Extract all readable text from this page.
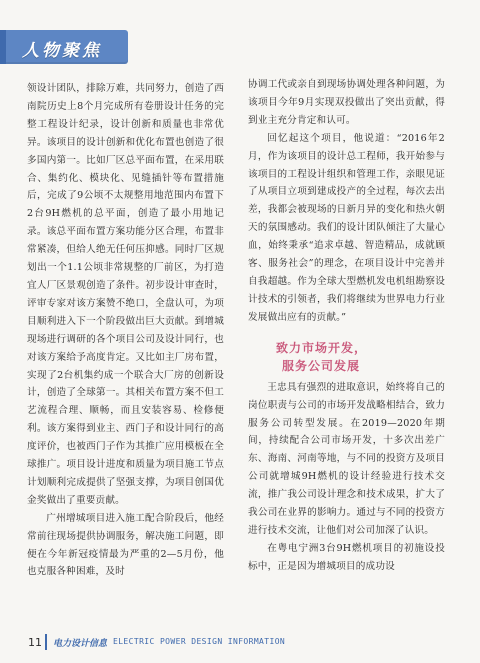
人物聚焦

领设计团队，排除万难，共同努力，创造了西南院历史上8个月完成所有卷册设计任务的完整工程设计纪录，设计创新和质量也非常优异。该项目的设计创新和优化布置也创造了很多国内第一。比如厂区总平面布置，在采用联合、集约化、模块化、见缝插针等布置措施后，完成了9公顷不太规整用地范围内布置下2台9H燃机的总平面，创造了最小用地记录。该总平面布置方案功能分区合理，布置非常紧凑，但给人绝无任何压抑感。同时厂区规划出一个1.1公顷非常规整的厂前区，为打造宜人厂区景观创造了条件。初步设计审查时，评审专家对该方案赞不绝口，全盘认可，为项目顺利进入下一个阶段做出巨大贡献。到增城现场进行调研的各个项目公司及设计同行，也对该方案给予高度肯定。又比如主厂房布置，实现了2台机集约成一个联合大厂房的创新设计，创造了全球第一。其相关布置方案不但工艺流程合理、顺畅，而且安装容易、检修便利。该方案得到业主、西门子和设计同行的高度评价，也被西门子作为其推广应用模板在全球推广。项目设计进度和质量为项目施工节点计划顺利完成提供了坚强支撑，为项目创国优金奖做出了重要贡献。

广州增城项目进入施工配合阶段后，他经常前往现场提供协调服务，解决施工问题，即便在今年新冠疫情最为严重的2—5月份，他也克服各种困难，及时

协调工代或亲自到现场协调处理各种问题，为该项目今年9月实现双投做出了突出贡献，得到业主充分肯定和认可。

回忆起这个项目，他说道：“2016年2月，作为该项目的设计总工程师，我开始参与该项目的工程设计组织和管理工作，亲眼见证了从项目立项到建成投产的全过程，每次去出差，我都会被现场的日新月异的变化和热火朝天的氛围感动。我们的设计团队倾注了大量心血，始终秉承“追求卓越、智造精品，成就顾客、服务社会”的理念，在项目设计中完善并自我超越。作为全球大型燃机发电机组勘察设计技术的引领者，我们将继续为世界电力行业发展做出应有的贡献。”

致力市场开发，
服务公司发展

王忠具有强烈的进取意识，始终将自己的岗位职责与公司的市场开发战略相结合，致力服务公司转型发展。在2019—2020年期间，持续配合公司市场开发，十多次出差广东、海南、河南等地，与不同的投资方及项目公司就增城9H燃机的设计经验进行技术交流，推广我公司设计理念和技术成果，扩大了我公司在业界的影响力。通过与不同的投资方进行技术交流，让他们对公司加深了认识。

在粤电宁洲3台9H燃机项目的初施设投标中，正是因为增城项目的成功设

11 电力设计信息 ELECTRIC POWER DESIGN INFORMATION
